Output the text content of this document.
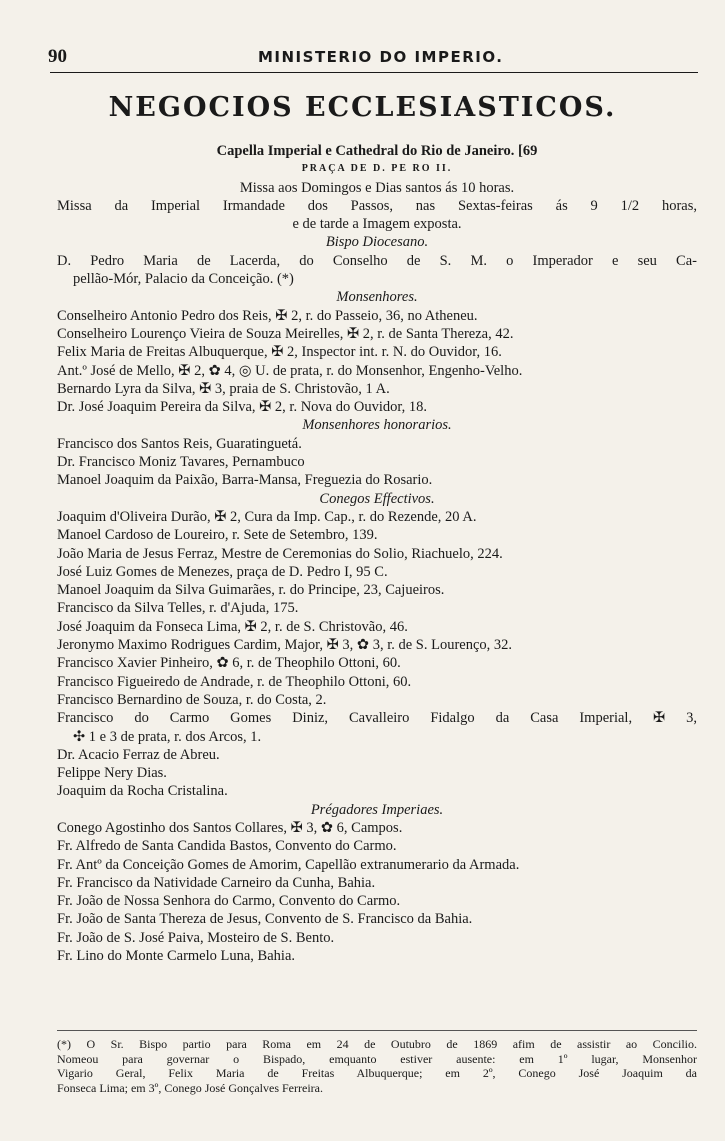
90	MINISTERIO DO IMPERIO.
NEGOCIOS ECCLESIASTICOS.
Capella Imperial e Cathedral do Rio de Janeiro. [69
PRAÇA DE D. PE RO II.
Missa aos Domingos e Dias santos ás 10 horas.
Missa da Imperial Irmandade dos Passos, nas Sextas-feiras ás 9 1/2 horas,
e de tarde a Imagem exposta.
Bispo Diocesano.
D. Pedro Maria de Lacerda, do Conselho de S. M. o Imperador e seu Ca-
pellão-Mór, Palacio da Conceição. (*)
Monsenhores.
Conselheiro Antonio Pedro dos Reis, ✠ 2, r. do Passeio, 36, no Atheneu.
Conselheiro Lourenço Vieira de Souza Meirelles, ✠ 2, r. de Santa Thereza, 42.
Felix Maria de Freitas Albuquerque, ✠ 2, Inspector int. r. N. do Ouvidor, 16.
Ant.º José de Mello, ✠ 2, ✿ 4, ◎ U. de prata, r. do Monsenhor, Engenho-Velho.
Bernardo Lyra da Silva, ✠ 3, praia de S. Christovão, 1 A.
Dr. José Joaquim Pereira da Silva, ✠ 2, r. Nova do Ouvidor, 18.
Monsenhores honorarios.
Francisco dos Santos Reis, Guaratinguetá.
Dr. Francisco Moniz Tavares, Pernambuco
Manoel Joaquim da Paixão, Barra-Mansa, Freguezia do Rosario.
Conegos Effectivos.
Joaquim d'Oliveira Durão, ✠ 2, Cura da Imp. Cap., r. do Rezende, 20 A.
Manoel Cardoso de Loureiro, r. Sete de Setembro, 139.
João Maria de Jesus Ferraz, Mestre de Ceremonias do Solio, Riachuelo, 224.
José Luiz Gomes de Menezes, praça de D. Pedro I, 95 C.
Manoel Joaquim da Silva Guimarães, r. do Principe, 23, Cajueiros.
Francisco da Silva Telles, r. d'Ajuda, 175.
José Joaquim da Fonseca Lima, ✠ 2, r. de S. Christovão, 46.
Jeronymo Maximo Rodrigues Cardim, Major, ✠ 3, ✿ 3, r. de S. Lourenço, 32.
Francisco Xavier Pinheiro, ✿ 6, r. de Theophilo Ottoni, 60.
Francisco Figueiredo de Andrade, r. de Theophilo Ottoni, 60.
Francisco Bernardino de Souza, r. do Costa, 2.
Francisco do Carmo Gomes Diniz, Cavalleiro Fidalgo da Casa Imperial, ✠ 3,
✣ 1 e 3 de prata, r. dos Arcos, 1.
Dr. Acacio Ferraz de Abreu.
Felippe Nery Dias.
Joaquim da Rocha Cristalina.
Prégadores Imperiaes.
Conego Agostinho dos Santos Collares, ✠ 3, ✿ 6, Campos.
Fr. Alfredo de Santa Candida Bastos, Convento do Carmo.
Fr. Antº da Conceição Gomes de Amorim, Capellão extranumerario da Armada.
Fr. Francisco da Natividade Carneiro da Cunha, Bahia.
Fr. João de Nossa Senhora do Carmo, Convento do Carmo.
Fr. João de Santa Thereza de Jesus, Convento de S. Francisco da Bahia.
Fr. João de S. José Paiva, Mosteiro de S. Bento.
Fr. Lino do Monte Carmelo Luna, Bahia.
(*) O Sr. Bispo partio para Roma em 24 de Outubro de 1869 afim de assistir ao Concilio.
Nomeou para governar o Bispado, emquanto estiver ausente: em 1º lugar, Monsenhor
Vigario Geral, Felix Maria de Freitas Albuquerque; em 2º, Conego José Joaquim da
Fonseca Lima; em 3º, Conego José Gonçalves Ferreira.
